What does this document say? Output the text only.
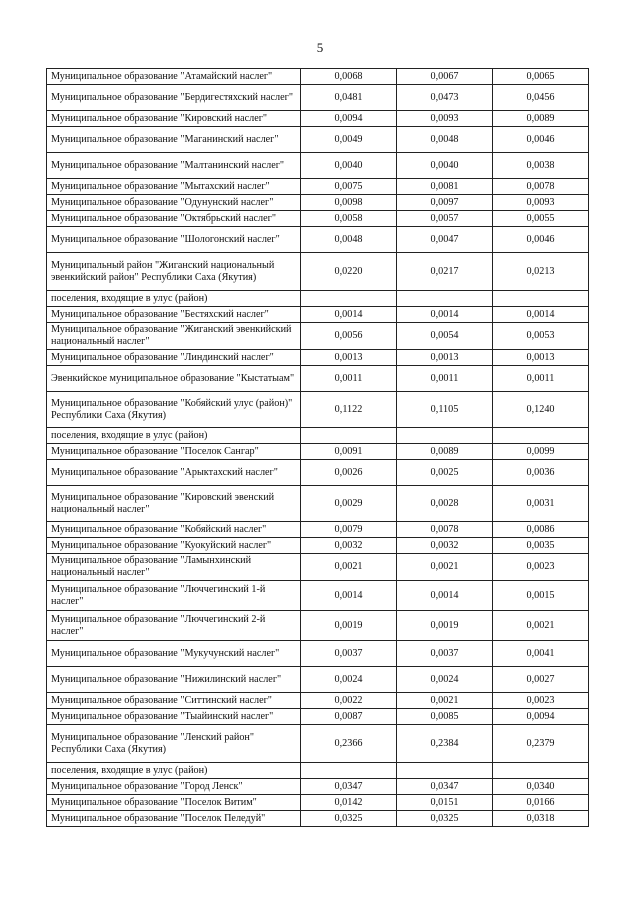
5
Муниципальное образование "Атамайский наслег"	0,0068	0,0067	0,0065
Муниципальное образование "Бердигестяхский наслег"	0,0481	0,0473	0,0456
Муниципальное образование "Кировский наслег"	0,0094	0,0093	0,0089
Муниципальное образование "Маганинский наслег"	0,0049	0,0048	0,0046
Муниципальное образование "Малтанинский наслег"	0,0040	0,0040	0,0038
Муниципальное образование "Мытахский наслег"	0,0075	0,0081	0,0078
Муниципальное образование "Одунунский наслег"	0,0098	0,0097	0,0093
Муниципальное образование "Октябрьский наслег"	0,0058	0,0057	0,0055
Муниципальное образование "Шологонский наслег"	0,0048	0,0047	0,0046
Муниципальный район "Жиганский национальный эвенкийский район" Республики Саха (Якутия)	0,0220	0,0217	0,0213
поселения, входящие в улус (район)			
Муниципальное образование "Бестяхский наслег"	0,0014	0,0014	0,0014
Муниципальное образование "Жиганский эвенкийский национальный наслег"	0,0056	0,0054	0,0053
Муниципальное образование "Линдинский наслег"	0,0013	0,0013	0,0013
Эвенкийское муниципальное образование "Кыстатыам"	0,0011	0,0011	0,0011
Муниципальное образование "Кобяйский улус (район)" Республики Саха (Якутия)	0,1122	0,1105	0,1240
поселения, входящие в улус (район)			
Муниципальное образование "Поселок Сангар"	0,0091	0,0089	0,0099
Муниципальное образование "Арыктахский наслег"	0,0026	0,0025	0,0036
Муниципальное образование "Кировский эвенский национальный наслег"	0,0029	0,0028	0,0031
Муниципальное образование "Кобяйский наслег"	0,0079	0,0078	0,0086
Муниципальное образование "Куокуйский наслег"	0,0032	0,0032	0,0035
Муниципальное образование "Ламынхинский национальный наслег"	0,0021	0,0021	0,0023
Муниципальное образование "Люччегинский 1-й наслег"	0,0014	0,0014	0,0015
Муниципальное образование "Люччегинский 2-й наслег"	0,0019	0,0019	0,0021
Муниципальное образование "Мукучунский наслег"	0,0037	0,0037	0,0041
Муниципальное образование "Нижилинский наслег"	0,0024	0,0024	0,0027
Муниципальное образование "Ситтинский наслег"	0,0022	0,0021	0,0023
Муниципальное образование "Тыайинский наслег"	0,0087	0,0085	0,0094
Муниципальное образование "Ленский район" Республики Саха (Якутия)	0,2366	0,2384	0,2379
поселения, входящие в улус (район)			
Муниципальное образование "Город Ленск"	0,0347	0,0347	0,0340
Муниципальное образование "Поселок Витим"	0,0142	0,0151	0,0166
Муниципальное образование "Поселок Пеледуй"	0,0325	0,0325	0,0318
